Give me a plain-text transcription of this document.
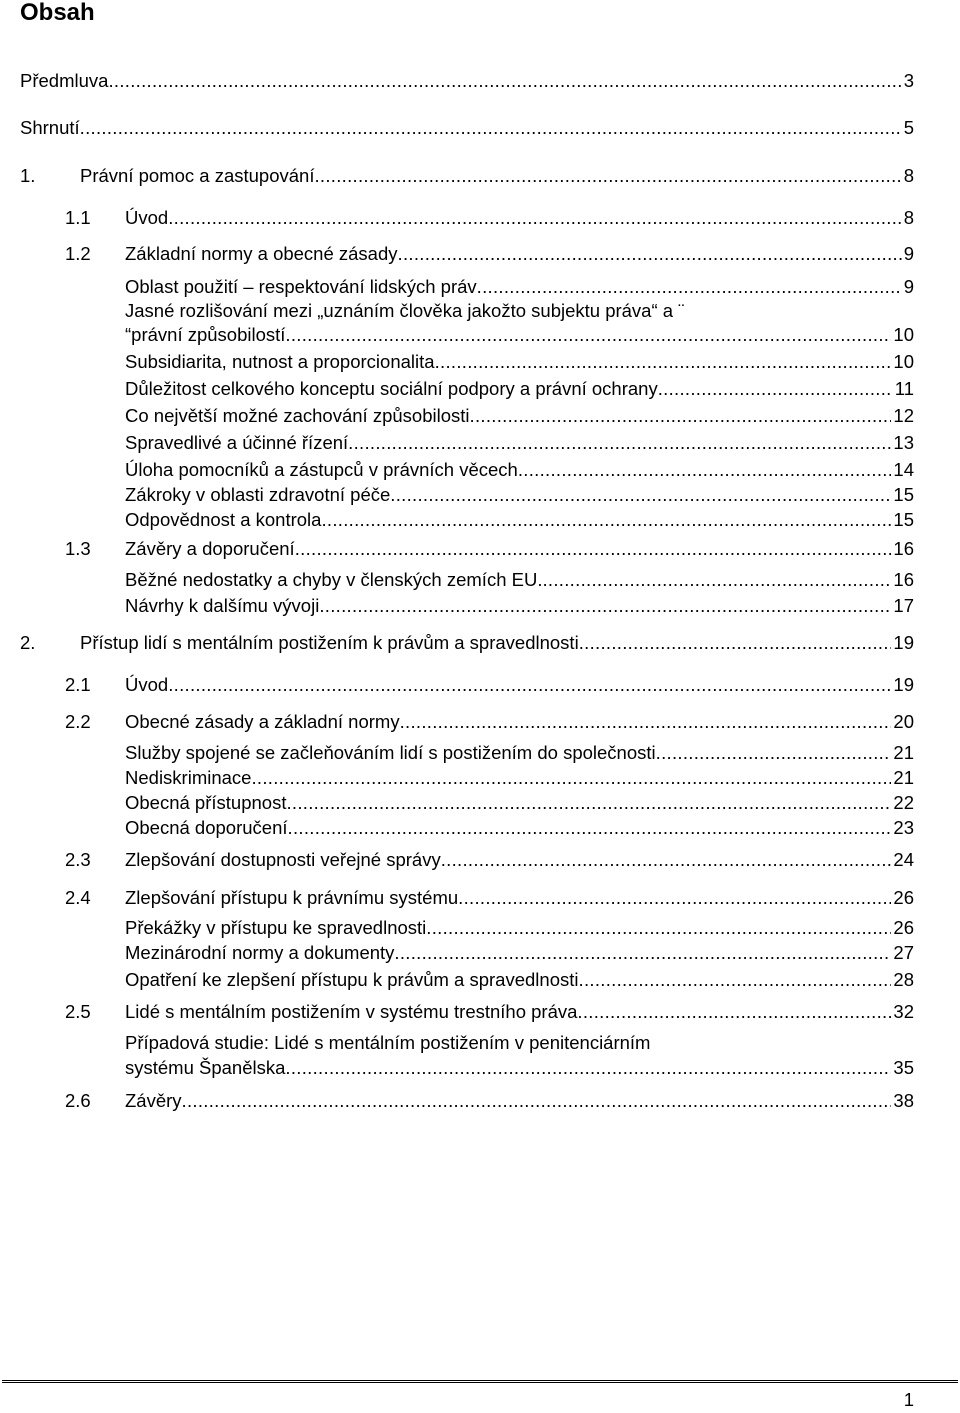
Obsah
Předmluva .....	3
Shrnutí .....	5
1.	Právní pomoc a zastupování .....	8
1.1	Úvod .....	8
1.2	Základní normy a obecné zásady .....	9
Oblast použití – respektování lidských práv .....	9
Jasné rozlišování mezi „uznáním člověka jakožto subjektu práva“ a ¨
“právní způsobilostí .....	10
Subsidiarita, nutnost a proporcionalita .....	10
Důležitost celkového konceptu sociální podpory a právní ochrany .....	11
Co největší možné zachování způsobilosti .....	12
Spravedlivé a účinné řízení .....	13
Úloha pomocníků a zástupců v právních věcech .....	14
Zákroky v oblasti zdravotní péče .....	15
Odpovědnost a kontrola .....	15
1.3	Závěry a doporučení .....	16
Běžné nedostatky a chyby v členských zemích EU. .....	16
Návrhy k dalšímu vývoji .....	17
2.	Přístup lidí s mentálním postižením k právům a spravedlnosti .....	19
2.1	Úvod .....	19
2.2	Obecné zásady a základní normy .....	20
Služby spojené se začleňováním lidí s postižením do společnosti .....	21
Nediskriminace .....	21
Obecná přístupnost .....	22
Obecná doporučení .....	23
2.3	Zlepšování dostupnosti veřejné správy .....	24
2.4	Zlepšování přístupu k právnímu systému .....	26
Překážky v přístupu ke spravedlnosti .....	26
Mezinárodní normy a dokumenty .....	27
Opatření ke zlepšení přístupu k právům a spravedlnosti .....	28
2.5	Lidé s mentálním postižením v systému trestního práva .....	32
Případová studie: Lidé s mentálním postižením v penitenciárním
systému Španělska .....	35
2.6	Závěry .....	38
1
